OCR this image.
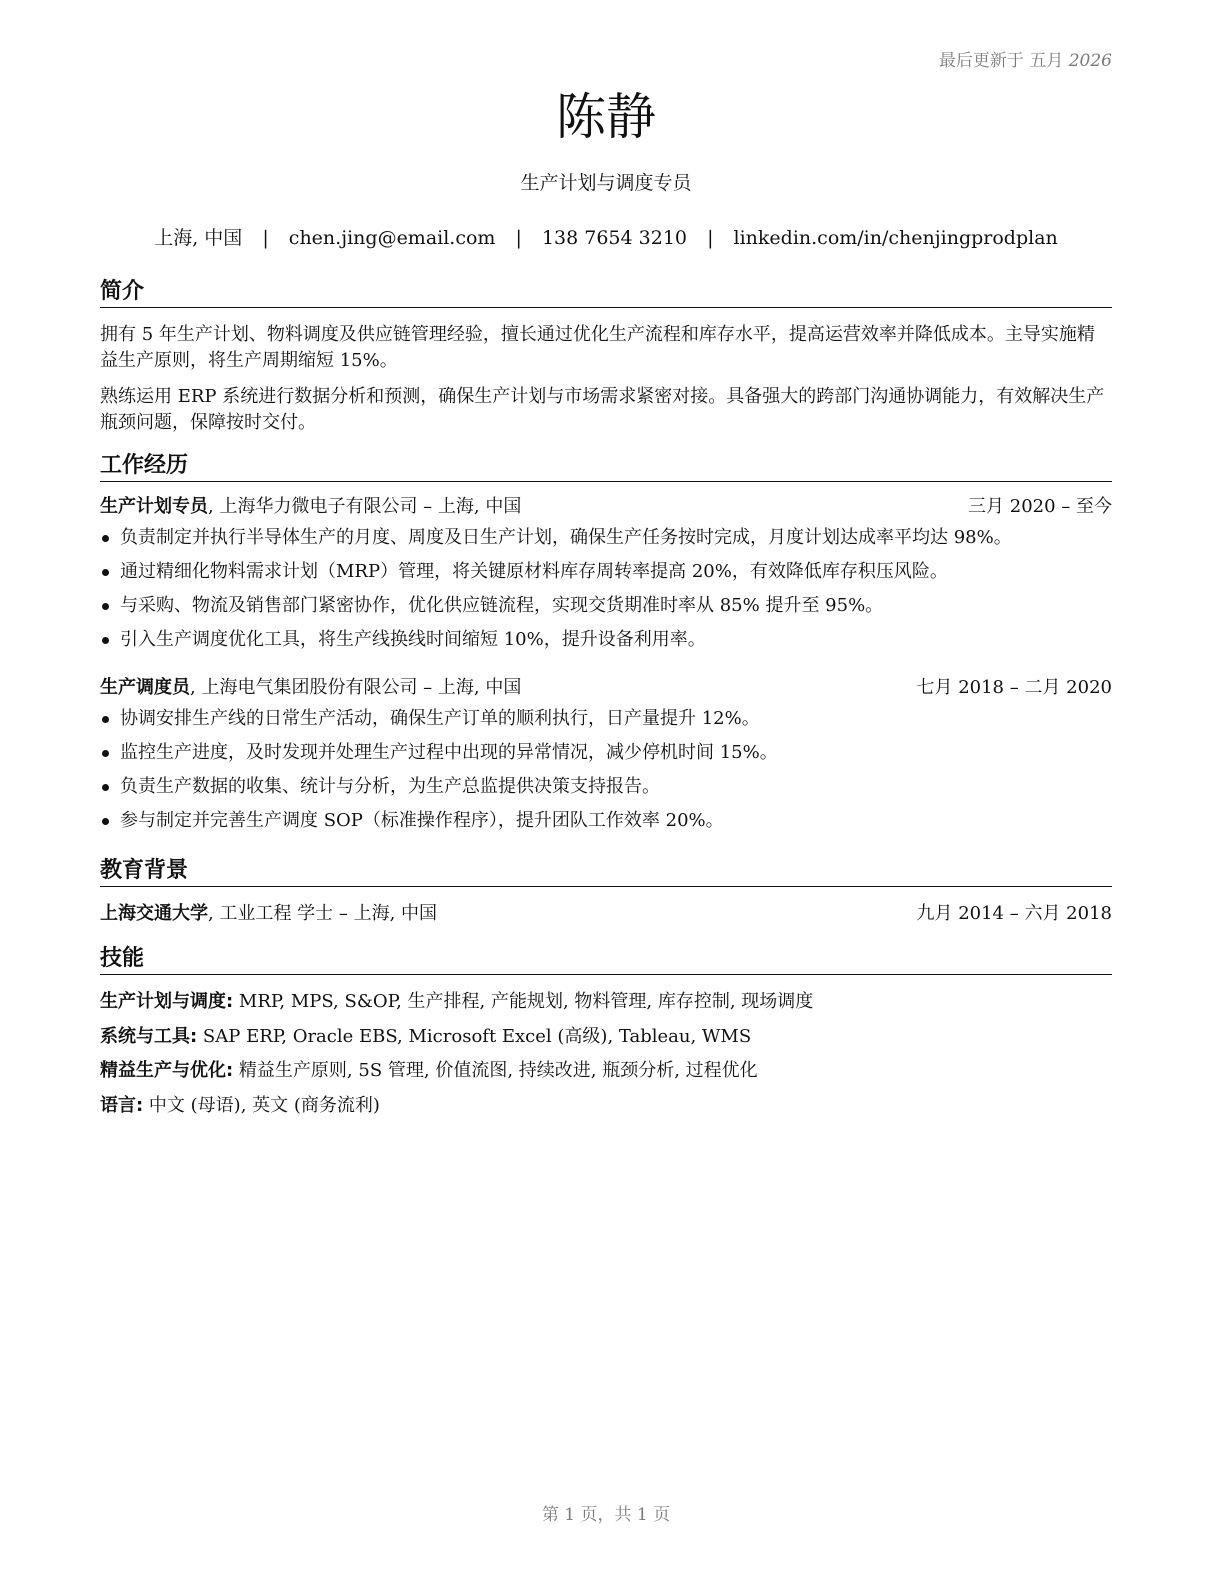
最后更新于 五月 2026
陈静
生产计划与调度专员
上海, 中国 | chen.jing@email.com | 138 7654 3210 | linkedin.com/in/chenjingprodplan
简介

拥有 5 年生产计划、物料调度及供应链管理经验，擅长通过优化生产流程和库存水平，提高运营效率并降低成本。主导实施精益生产原则，将生产周期缩短 15%。

熟练运用 ERP 系统进行数据分析和预测，确保生产计划与市场需求紧密对接。具备强大的跨部门沟通协调能力，有效解决生产瓶颈问题，保障按时交付。

工作经历
生产计划专员, 上海华力微电子有限公司 – 上海, 中国	三月 2020 – 至今
负责制定并执行半导体生产的月度、周度及日生产计划，确保生产任务按时完成，月度计划达成率平均达 98%。
通过精细化物料需求计划（MRP）管理，将关键原材料库存周转率提高 20%，有效降低库存积压风险。
与采购、物流及销售部门紧密协作，优化供应链流程，实现交货期准时率从 85% 提升至 95%。
引入生产调度优化工具，将生产线换线时间缩短 10%，提升设备利用率。
生产调度员, 上海电气集团股份有限公司 – 上海, 中国	七月 2018 – 二月 2020
协调安排生产线的日常生产活动，确保生产订单的顺利执行，日产量提升 12%。
监控生产进度，及时发现并处理生产过程中出现的异常情况，减少停机时间 15%。
负责生产数据的收集、统计与分析，为生产总监提供决策支持报告。
参与制定并完善生产调度 SOP（标准操作程序），提升团队工作效率 20%。
教育背景
上海交通大学, 工业工程 学士 – 上海, 中国	九月 2014 – 六月 2018
技能
生产计划与调度: MRP, MPS, S&OP, 生产排程, 产能规划, 物料管理, 库存控制, 现场调度
系统与工具: SAP ERP, Oracle EBS, Microsoft Excel (高级), Tableau, WMS
精益生产与优化: 精益生产原则, 5S 管理, 价值流图, 持续改进, 瓶颈分析, 过程优化
语言: 中文 (母语), 英文 (商务流利)
第 1 页，共 1 页
